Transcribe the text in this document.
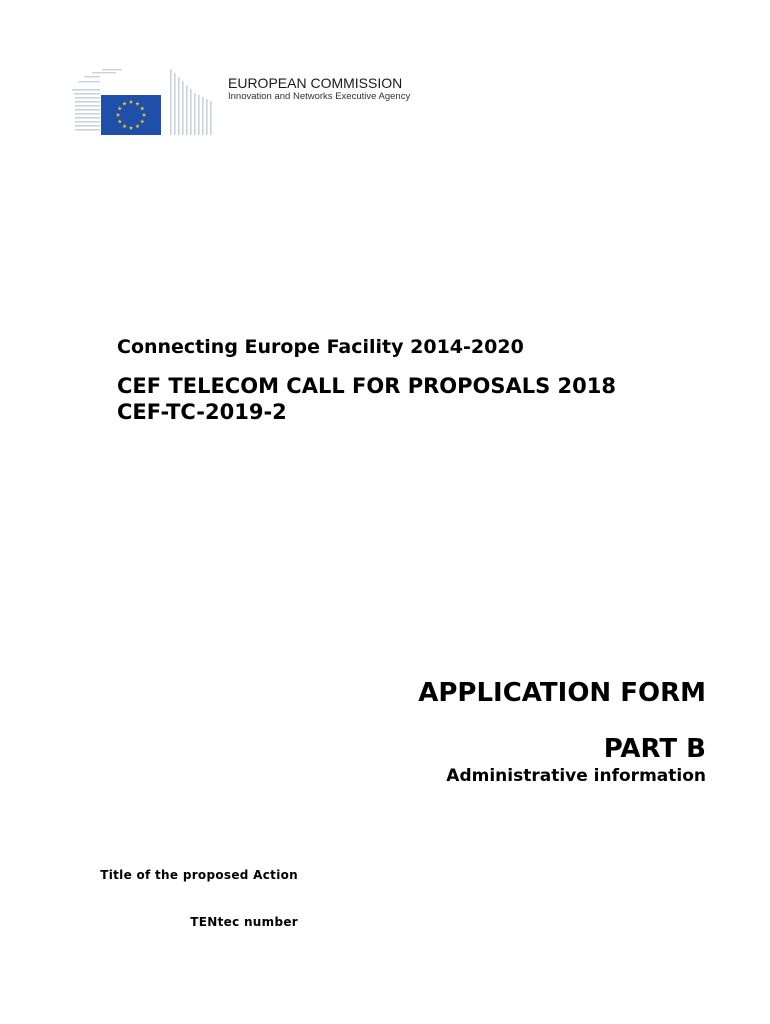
EUROPEAN COMMISSION
Innovation and Networks Executive Agency
Connecting Europe Facility 2014-2020
CEF TELECOM CALL FOR PROPOSALS 2018
CEF-TC-2019-2
APPLICATION FORM
PART B
Administrative information
Title of the proposed Action
TENtec number
